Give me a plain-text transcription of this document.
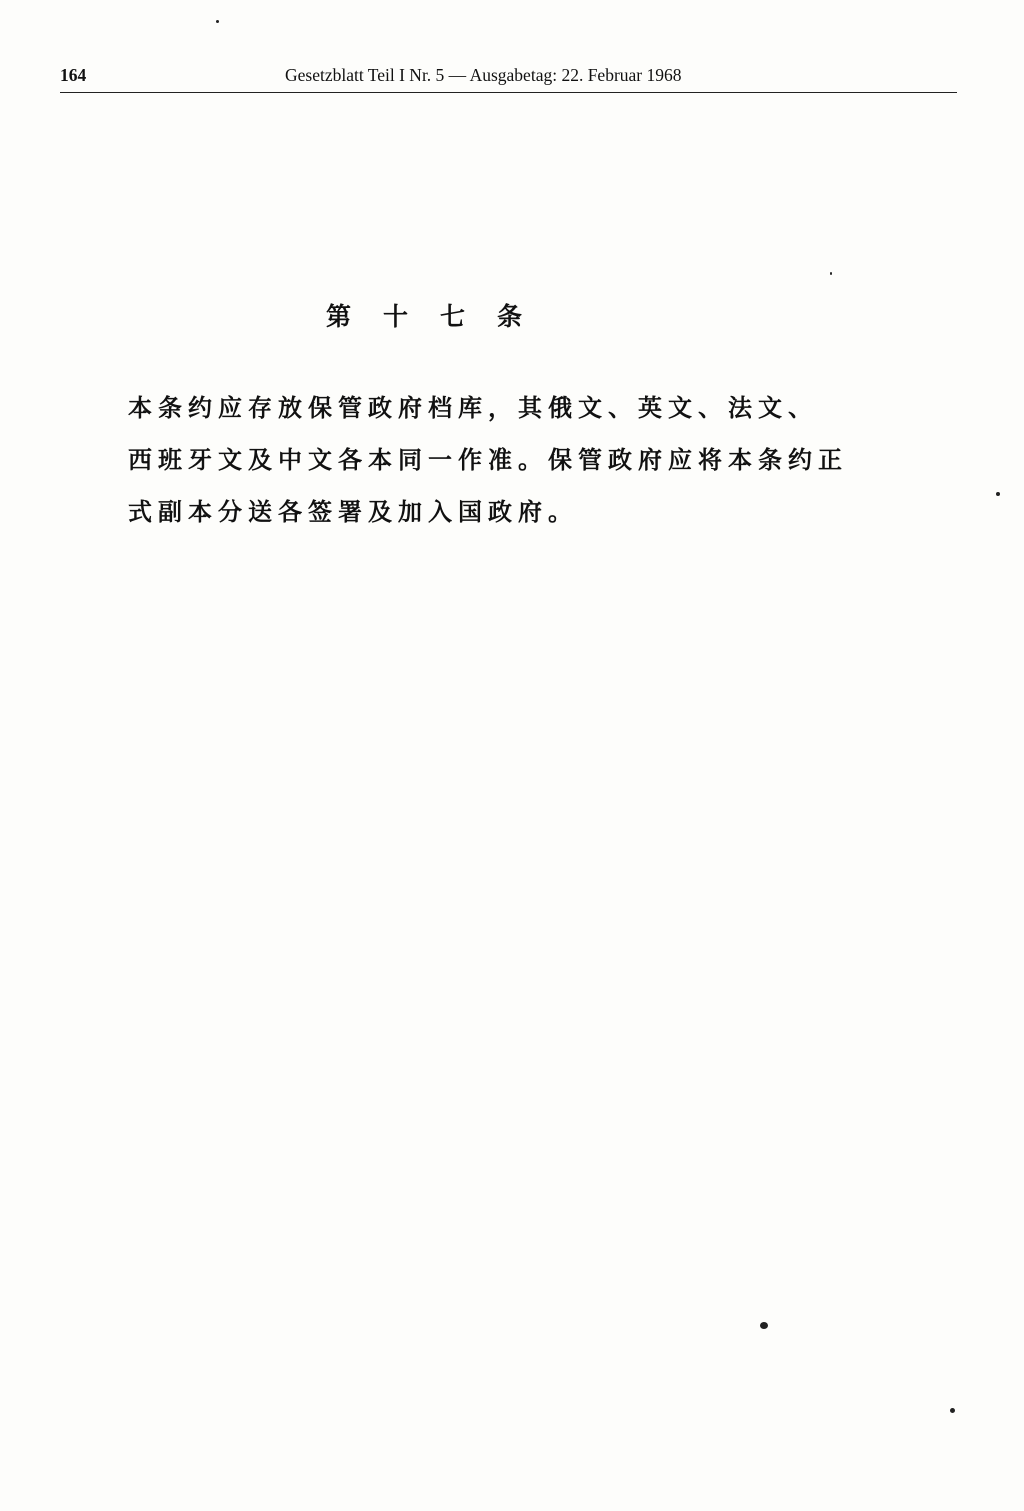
164	Gesetzblatt Teil I Nr. 5 — Ausgabetag: 22. Februar 1968
第十七条
本条约应存放保管政府档库，其俄文、英文、法文、
西班牙文及中文各本同一作准。保管政府应将本条约正
式副本分送各签署及加入国政府。
